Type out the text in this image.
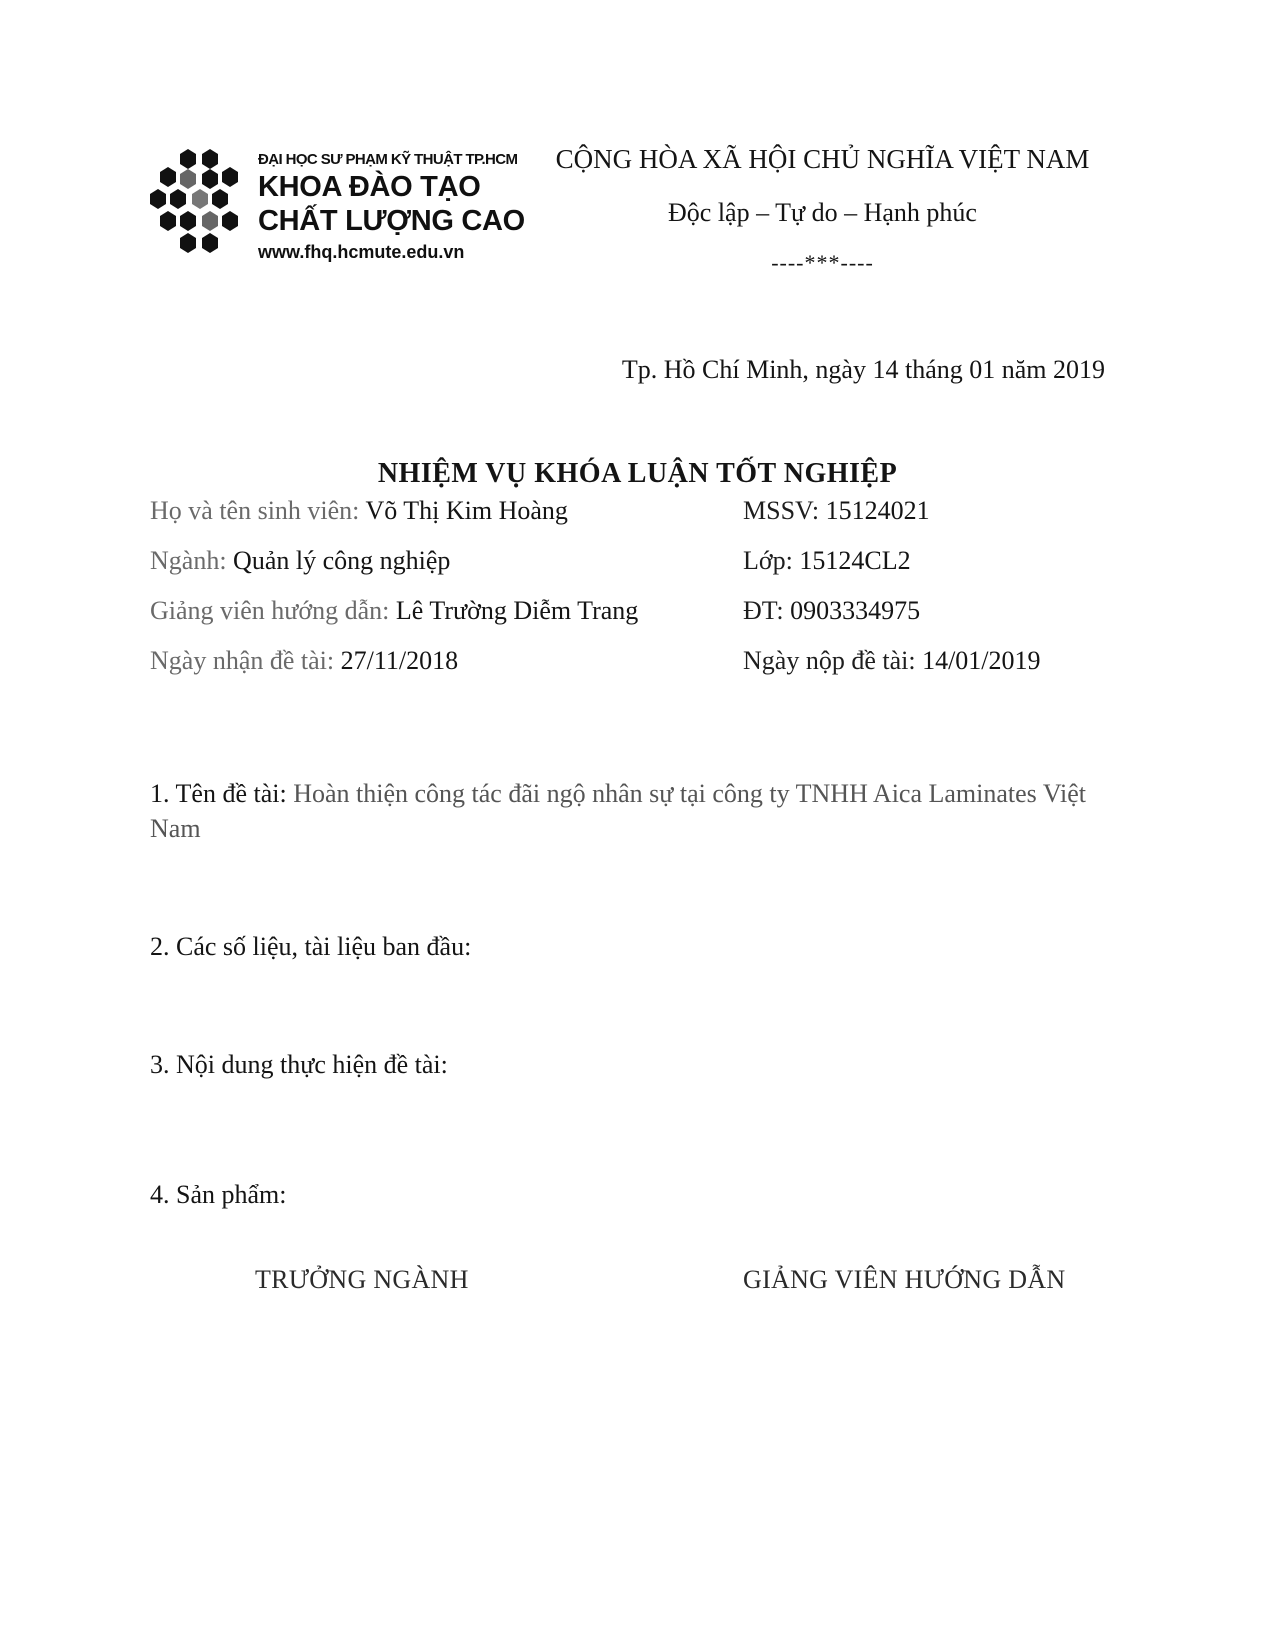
ĐẠI HỌC SƯ PHẠM KỸ THUẬT TP.HCM
KHOA ĐÀO TẠO
CHẤT LƯỢNG CAO
www.fhq.hcmute.edu.vn
CỘNG HÒA XÃ HỘI CHỦ NGHĨA VIỆT NAM
Độc lập – Tự do – Hạnh phúc
----***----
Tp. Hồ Chí Minh, ngày 14 tháng 01 năm 2019
NHIỆM VỤ KHÓA LUẬN TỐT NGHIỆP
Họ và tên sinh viên: Võ Thị Kim Hoàng	MSSV: 15124021
Ngành: Quản lý công nghiệp	Lớp: 15124CL2
Giảng viên hướng dẫn: Lê Trường Diễm Trang	ĐT: 0903334975
Ngày nhận đề tài: 27/11/2018	Ngày nộp đề tài: 14/01/2019
1. Tên đề tài: Hoàn thiện công tác đãi ngộ nhân sự tại công ty TNHH Aica Laminates Việt Nam
2. Các số liệu, tài liệu ban đầu:
3. Nội dung thực hiện đề tài:
4. Sản phẩm:
TRƯỞNG NGÀNH	GIẢNG VIÊN HƯỚNG DẪN
